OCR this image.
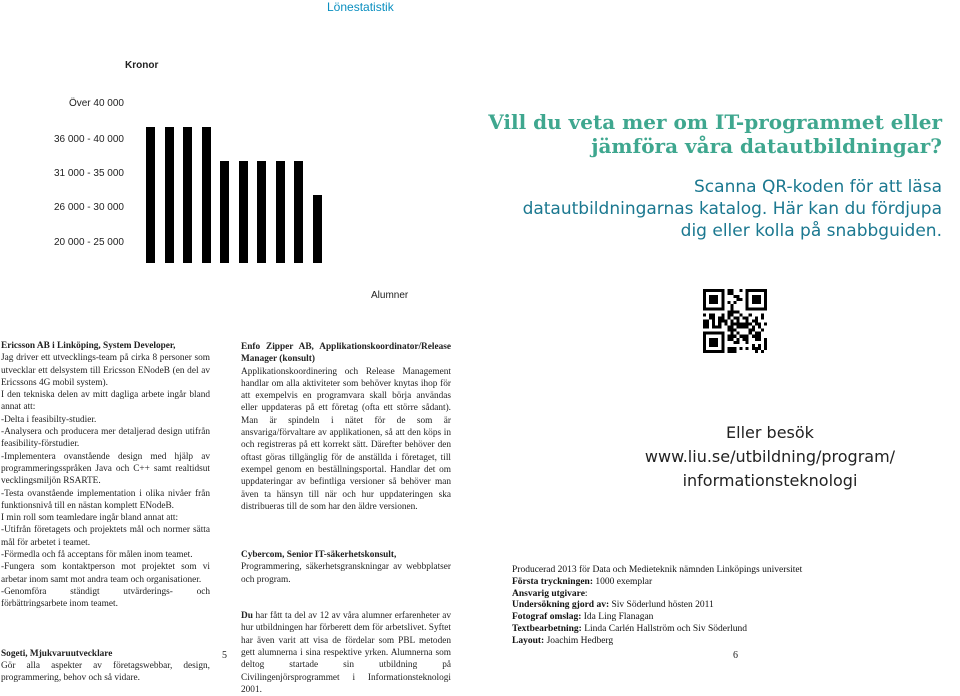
Lönestatistik
Kronor
20 000 - 25 000
26 000 - 30 000
31 000 - 35 000
36 000 - 40 000
Över 40 000
Alumner
Vill du veta mer om IT-programmet eller
jämföra våra datautbildningar?
Scanna QR-koden för att läsa
datautbildningarnas katalog. Här kan du fördjupa
dig eller kolla på snabbguiden.
Eller besök
www.liu.se/utbildning/program/
informationsteknologi

Ericsson AB i Linköping, System Developer,

Jag driver ett utvecklings-team på cirka 8 personer som utvecklar ett delsystem till Ericsson ENodeB (en del av Ericssons 4G mobil system).

I den tekniska delen av mitt dagliga arbete ingår bland annat att:

-Delta i feasibilty-studier.

-Analysera och producera mer detaljerad design utifrån feasibility-förstudier.

-Implementera ovanstående design med hjälp av programmeringsspråken Java och C++ samt realtidsut vecklingsmiljön RSARTE.

-Testa ovanstående implementation i olika nivåer från funktionsnivå till en nästan komplett ENodeB.

I min roll som teamledare ingår bland annat att:

-Utifrån företagets och projektets mål och normer sätta mål för arbetet i teamet.

-Förmedla och få acceptans för målen inom teamet.

-Fungera som kontaktperson mot projektet som vi arbetar inom samt mot andra team och organisationer.

-Genomföra ständigt utvärderings- och förbättringsarbete inom teamet.

Sogeti, Mjukvaruutvecklare

Gör alla aspekter av företagswebbar, design, programmering, behov och så vidare.

Enfo Zipper AB, Applikationskoordinator/Release Manager (konsult)

Applikationskoordinering och Release Management handlar om alla aktiviteter som behöver knytas ihop för att exempelvis en programvara skall börja användas eller uppdateras på ett företag (ofta ett större sådant). Man är spindeln i nätet för de som är ansvariga/förvaltare av applikationen, så att den köps in och registreras på ett korrekt sätt. Därefter behöver den oftast göras tillgänglig för de anställda i företaget, till exempel genom en beställningsportal. Handlar det om uppdateringar av befintliga versioner så behöver man även ta hänsyn till när och hur uppdateringen ska distribueras till de som har den äldre versionen.

Cybercom, Senior IT-säkerhetskonsult,

Programmering, säkerhetsgranskningar av webbplatser och program.

Du har fått ta del av 12 av våra alumner erfarenheter av hur utbildningen har förberett dem för arbetslivet. Syftet har även varit att visa de fördelar som PBL metoden gett alumnerna i sina respektive yrken. Alumnerna som deltog startade sin utbildning på Civilingenjörsprogrammet i Informationsteknologi 2001.

5	6

Producerad 2013 för Data och Medieteknik nämnden Linköpings universitet

Första tryckningen: 1000 exemplar

Ansvarig utgivare:

Undersökning gjord av: Siv Söderlund hösten 2011

Fotograf omslag: Ida Ling Flanagan

Textbearbetning: Linda Carlén Hallström och Siv Söderlund

Layout: Joachim Hedberg
